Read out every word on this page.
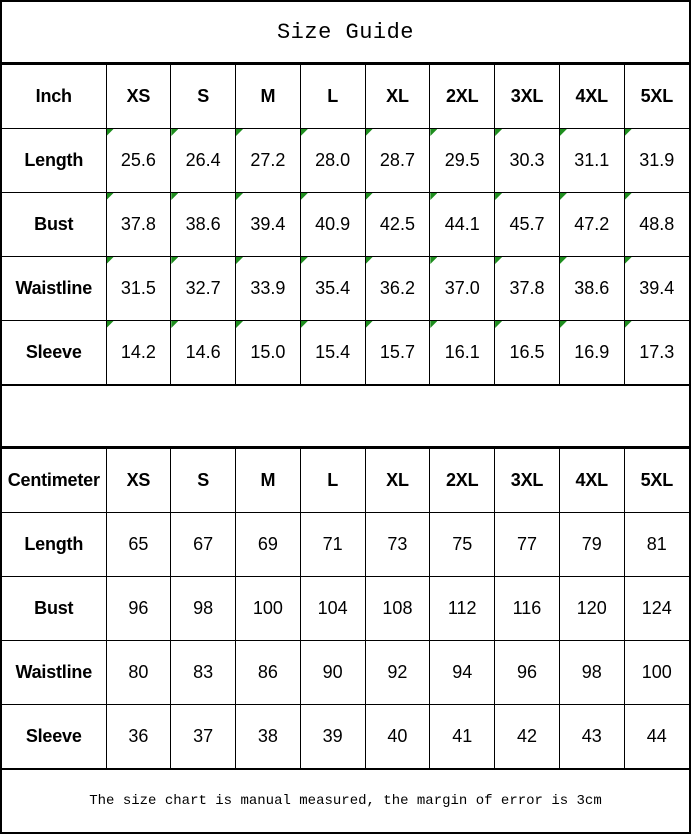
Size Guide
Inch	XS	S	M	L	XL	2XL	3XL	4XL	5XL
Length	25.6	26.4	27.2	28.0	28.7	29.5	30.3	31.1	31.9
Bust	37.8	38.6	39.4	40.9	42.5	44.1	45.7	47.2	48.8
Waistline	31.5	32.7	33.9	35.4	36.2	37.0	37.8	38.6	39.4
Sleeve	14.2	14.6	15.0	15.4	15.7	16.1	16.5	16.9	17.3
Centimeter	XS	S	M	L	XL	2XL	3XL	4XL	5XL
Length	65	67	69	71	73	75	77	79	81
Bust	96	98	100	104	108	112	116	120	124
Waistline	80	83	86	90	92	94	96	98	100
Sleeve	36	37	38	39	40	41	42	43	44
The size chart is manual measured, the margin of error is 3cm
